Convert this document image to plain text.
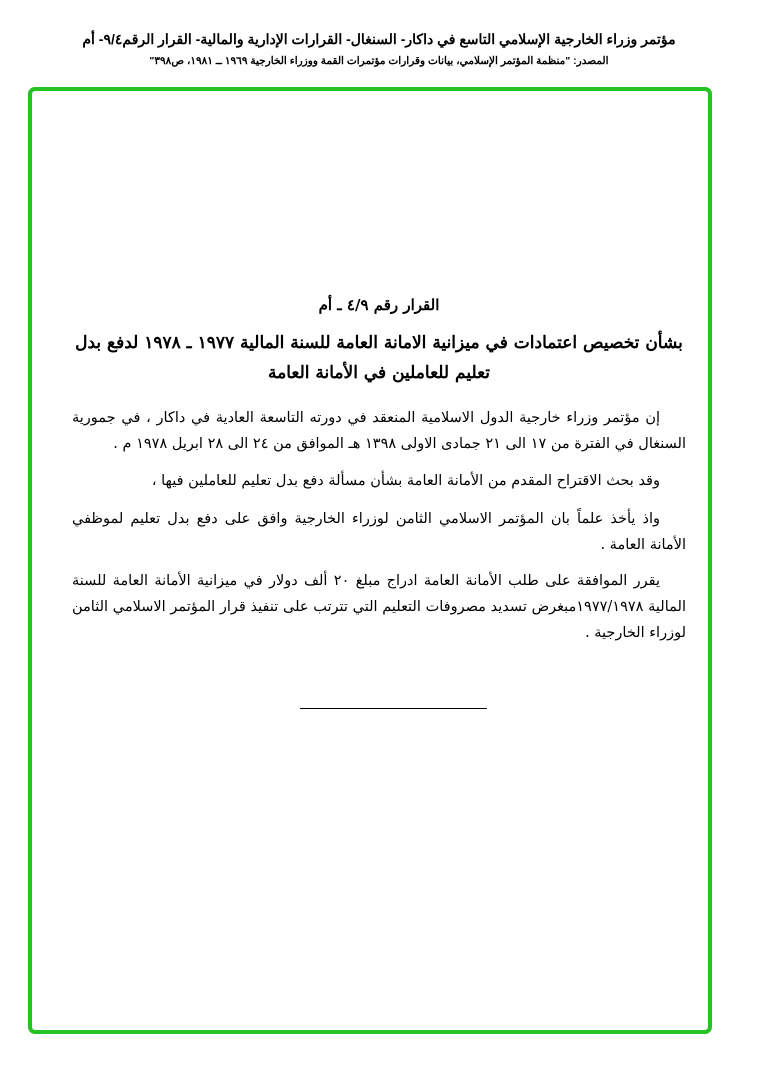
مؤتمر وزراء الخارجية الإسلامي التاسع في داكار- السنغال- القرارات الإدارية والمالية- القرار الرقم٩/٤- أم
المصدر: "منظمة المؤتمر الإسلامي، بيانات وقرارات مؤتمرات القمة ووزراء الخارجية ١٩٦٩ ــ ١٩٨١، ص٣٩٨"
القرار رقم ٤/٩ ـ أم
بشأن تخصيص اعتمادات في ميزانية الامانة العامة للسنة المالية ١٩٧٧ ـ ١٩٧٨ لدفع بدل تعليم للعاملين في الأمانة العامة

إن مؤتمر وزراء خارجية الدول الاسلامية المنعقد في دورته التاسعة العادية في داكار ، في جمورية السنغال في الفترة من ١٧ الى ٢١ جمادى الاولى ١٣٩٨ هـ الموافق من ٢٤ الى ٢٨ ابريل ١٩٧٨ م .

وقد بحث الاقتراح المقدم من الأمانة العامة بشأن مسألة دفع بدل تعليم للعاملين فيها ،

واذ يأخذ علماً بان المؤتمر الاسلامي الثامن لوزراء الخارجية وافق على دفع بدل تعليم لموظفي الأمانة العامة .

يقرر الموافقة على طلب الأمانة العامة ادراج مبلغ ٢٠ ألف دولار في ميزانية الأمانة العامة للسنة المالية ١٩٧٧/١٩٧٨مبغرض تسديد مصروفات التعليم التي تترتب على تنفيذ قرار المؤتمر الاسلامي الثامن لوزراء الخارجية .
